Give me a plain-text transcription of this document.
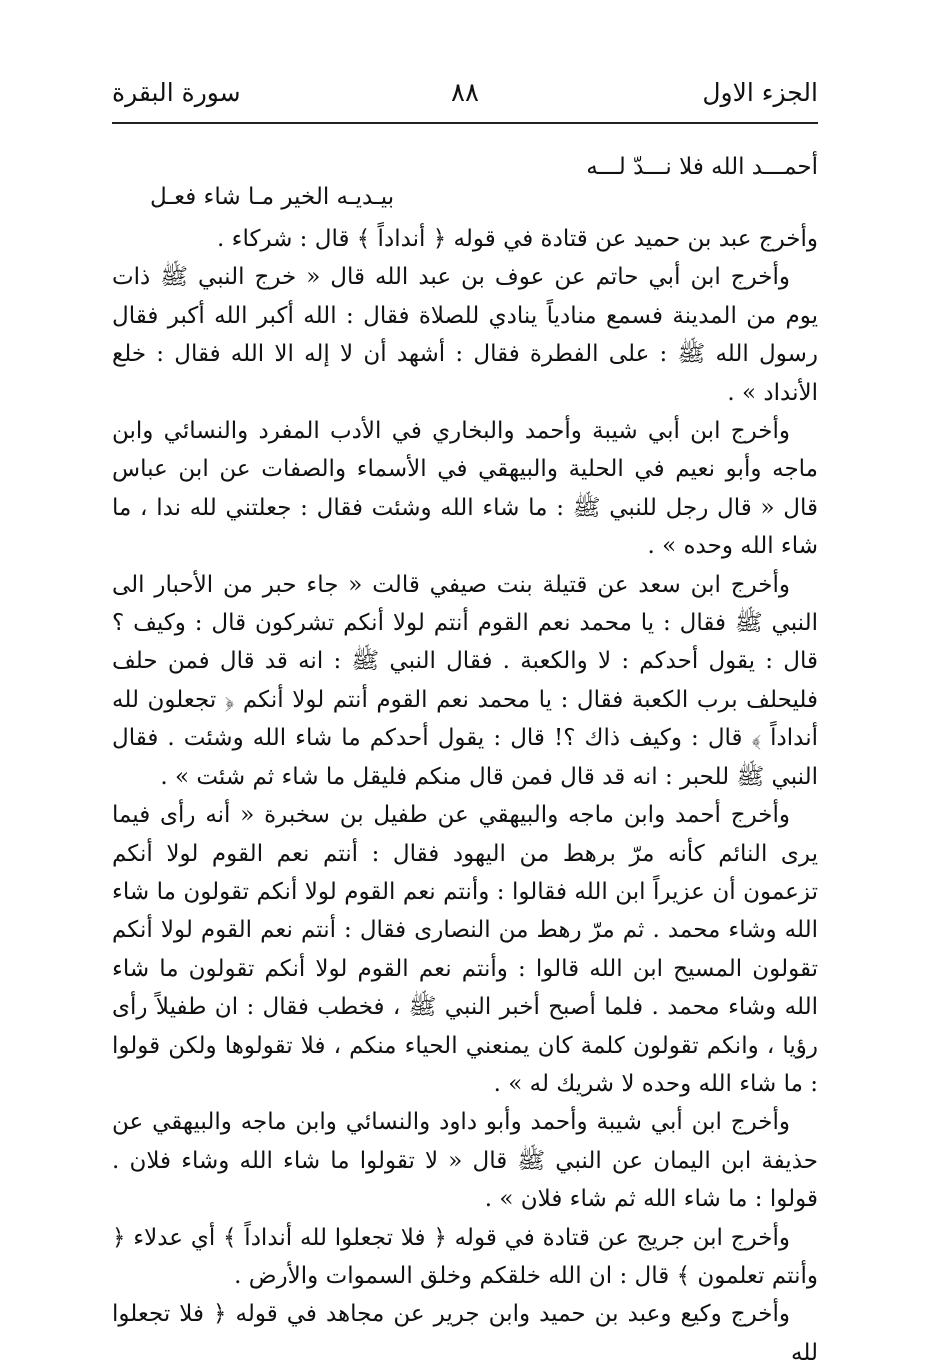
الجزء الاول
٨٨
سورة البقرة
أحمـــد الله فلا نـــدّ لـــه
بيـديـه الخير مـا شاء فعـل

وأخرج عبد بن حميد عن قتادة في قوله ﴿ أنداداً ﴾ قال : شركاء .

وأخرج ابن أبي حاتم عن عوف بن عبد الله قال « خرج النبي ﷺ ذات يوم من المدينة فسمع منادياً ينادي للصلاة فقال : الله أكبر الله أكبر فقال رسول الله ﷺ : على الفطرة فقال : أشهد أن لا إله الا الله فقال : خلع الأنداد » .

وأخرج ابن أبي شيبة وأحمد والبخاري في الأدب المفرد والنسائي وابن ماجه وأبو نعيم في الحلية والبيهقي في الأسماء والصفات عن ابن عباس قال « قال رجل للنبي ﷺ : ما شاء الله وشئت فقال : جعلتني لله ندا ، ما شاء الله وحده » .

وأخرج ابن سعد عن قتيلة بنت صيفي قالت « جاء حبر من الأحبار الى النبي ﷺ فقال : يا محمد نعم القوم أنتم لولا أنكم تشركون قال : وكيف ؟ قال : يقول أحدكم : لا والكعبة . فقال النبي ﷺ : انه قد قال فمن حلف فليحلف برب الكعبة فقال : يا محمد نعم القوم أنتم لولا أنكم ﴿ تجعلون لله أنداداً ﴾ قال : وكيف ذاك ؟! قال : يقول أحدكم ما شاء الله وشئت . فقال النبي ﷺ للحبر : انه قد قال فمن قال منكم فليقل ما شاء ثم شئت » .

وأخرج أحمد وابن ماجه والبيهقي عن طفيل بن سخبرة « أنه رأى فيما يرى النائم كأنه مرّ برهط من اليهود فقال : أنتم نعم القوم لولا أنكم تزعمون أن عزيراً ابن الله فقالوا : وأنتم نعم القوم لولا أنكم تقولون ما شاء الله وشاء محمد . ثم مرّ رهط من النصارى فقال : أنتم نعم القوم لولا أنكم تقولون المسيح ابن الله قالوا : وأنتم نعم القوم لولا أنكم تقولون ما شاء الله وشاء محمد . فلما أصبح أخبر النبي ﷺ ، فخطب فقال : ان طفيلاً رأى رؤيا ، وانكم تقولون كلمة كان يمنعني الحياء منكم ، فلا تقولوها ولكن قولوا : ما شاء الله وحده لا شريك له » .

وأخرج ابن أبي شيبة وأحمد وأبو داود والنسائي وابن ماجه والبيهقي عن حذيفة ابن اليمان عن النبي ﷺ قال « لا تقولوا ما شاء الله وشاء فلان . قولوا : ما شاء الله ثم شاء فلان » .

وأخرج ابن جريج عن قتادة في قوله ﴿ فلا تجعلوا لله أنداداً ﴾ أي عدلاء ﴿ وأنتم تعلمون ﴾ قال : ان الله خلقكم وخلق السموات والأرض .

وأخرج وكيع وعبد بن حميد وابن جرير عن مجاهد في قوله ﴿ فلا تجعلوا لله
